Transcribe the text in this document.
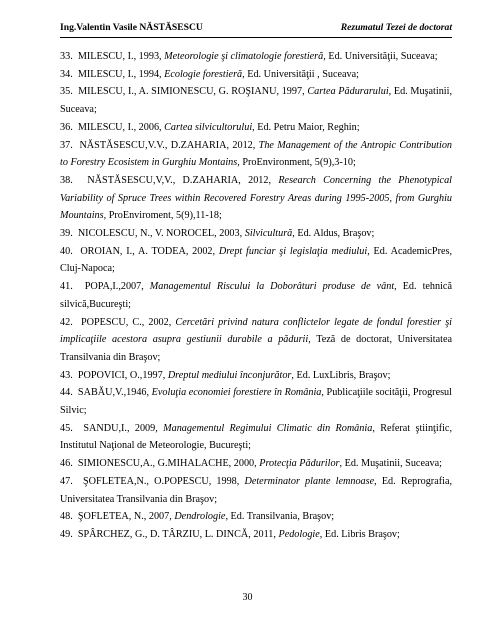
Ing.Valentin Vasile NĂSTĂSESCU	Rezumatul Tezei de doctorat

33. MILESCU, I., 1993, Meteorologie şi climatologie forestieră, Ed. Universităţii, Suceava;

34. MILESCU, I., 1994, Ecologie forestieră, Ed. Universităţii , Suceava;

35. MILESCU, I., A. SIMIONESCU, G. ROŞIANU, 1997, Cartea Pădurarului, Ed. Muşatinii, Suceava;

36. MILESCU, I., 2006, Cartea silvicultorului, Ed. Petru Maior, Reghin;

37. NĂSTĂSESCU,V.V., D.ZAHARIA, 2012, The Management of the Antropic Contribution to Forestry Ecosistem in Gurghiu Montains, ProEnvironment, 5(9),3-10;

38. NĂSTĂSESCU,V,V., D.ZAHARIA, 2012, Research Concerning the Phenotypical Variability of Spruce Trees within Recovered Forestry Areas during 1995-2005, from Gurghiu Mountains, ProEnviroment, 5(9),11-18;

39. NICOLESCU, N., V. NOROCEL, 2003, Silvicultură, Ed. Aldus, Braşov;

40. OROIAN, I., A. TODEA, 2002, Drept funciar şi legislaţia mediului, Ed. AcademicPres, Cluj-Napoca;

41. POPA,I.,2007, Managementul Riscului la Doborâturi produse de vânt, Ed. tehnică silvică,Bucureşti;

42. POPESCU, C., 2002, Cercetări privind natura conflictelor legate de fondul forestier şi implicaţiile acestora asupra gestiunii durabile a pădurii, Teză de doctorat, Universitatea Transilvania din Braşov;

43. POPOVICI, O.,1997, Dreptul mediului înconjurător, Ed. LuxLibris, Braşov;

44. SABĂU,V.,1946, Evoluţia economiei forestiere în România, Publicaţiile socităţii, Progresul Silvic;

45. SANDU,I., 2009, Managementul Regimului Climatic din România, Referat ştiinţific, Institutul Naţional de Meteorologie, Bucureşti;

46. SIMIONESCU,A., G.MIHALACHE, 2000, Protecţia Pădurilor, Ed. Muşatinii, Suceava;

47. ŞOFLETEA,N., O.POPESCU, 1998, Determinator plante lemnoase, Ed. Reprografia, Universitatea Transilvania din Braşov;

48. ŞOFLETEA, N., 2007, Dendrologie, Ed. Transilvania, Braşov;

49. SPÂRCHEZ, G., D. TÂRZIU, L. DINCĂ, 2011, Pedologie, Ed. Libris Braşov;

30
